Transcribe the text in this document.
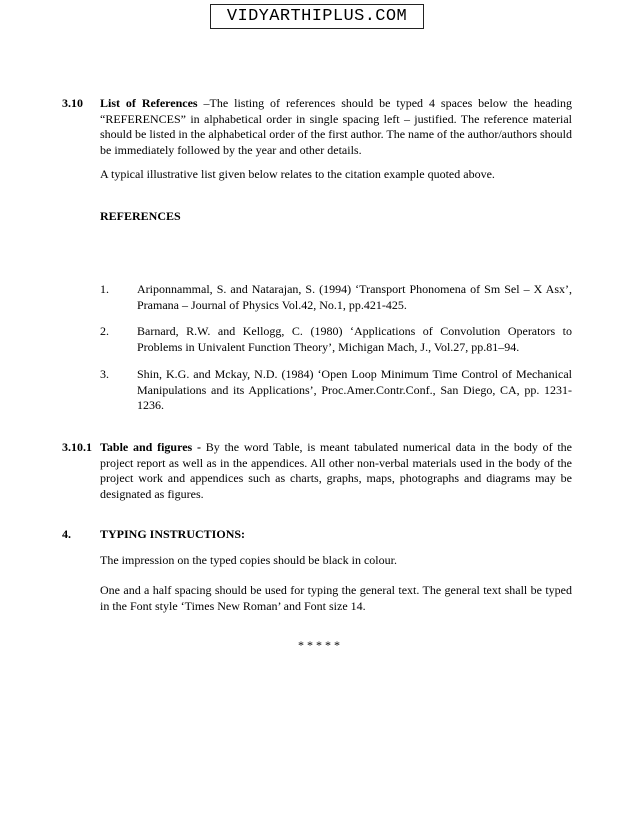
VIDYARTHIPLUS.COM
3.10 List of References –The listing of references should be typed 4 spaces below the heading “REFERENCES” in alphabetical order in single spacing left – justified. The reference material should be listed in the alphabetical order of the first author. The name of the author/authors should be immediately followed by the year and other details.
A typical illustrative list given below relates to the citation example quoted above.
REFERENCES
1. Ariponnammal, S. and Natarajan, S. (1994) ‘Transport Phonomena of Sm Sel – X Asx’, Pramana – Journal of Physics Vol.42, No.1, pp.421-425.
2. Barnard, R.W. and Kellogg, C. (1980) ‘Applications of Convolution Operators to Problems in Univalent Function Theory’, Michigan Mach, J., Vol.27, pp.81–94.
3. Shin, K.G. and Mckay, N.D. (1984) ‘Open Loop Minimum Time Control of Mechanical Manipulations and its Applications’, Proc.Amer.Contr.Conf., San Diego, CA, pp. 1231-1236.
3.10.1 Table and figures - By the word Table, is meant tabulated numerical data in the body of the project report as well as in the appendices. All other non-verbal materials used in the body of the project work and appendices such as charts, graphs, maps, photographs and diagrams may be designated as figures.
4. TYPING INSTRUCTIONS:
The impression on the typed copies should be black in colour.
One and a half spacing should be used for typing the general text. The general text shall be typed in the Font style ‘Times New Roman’ and Font size 14.
* * * * *
